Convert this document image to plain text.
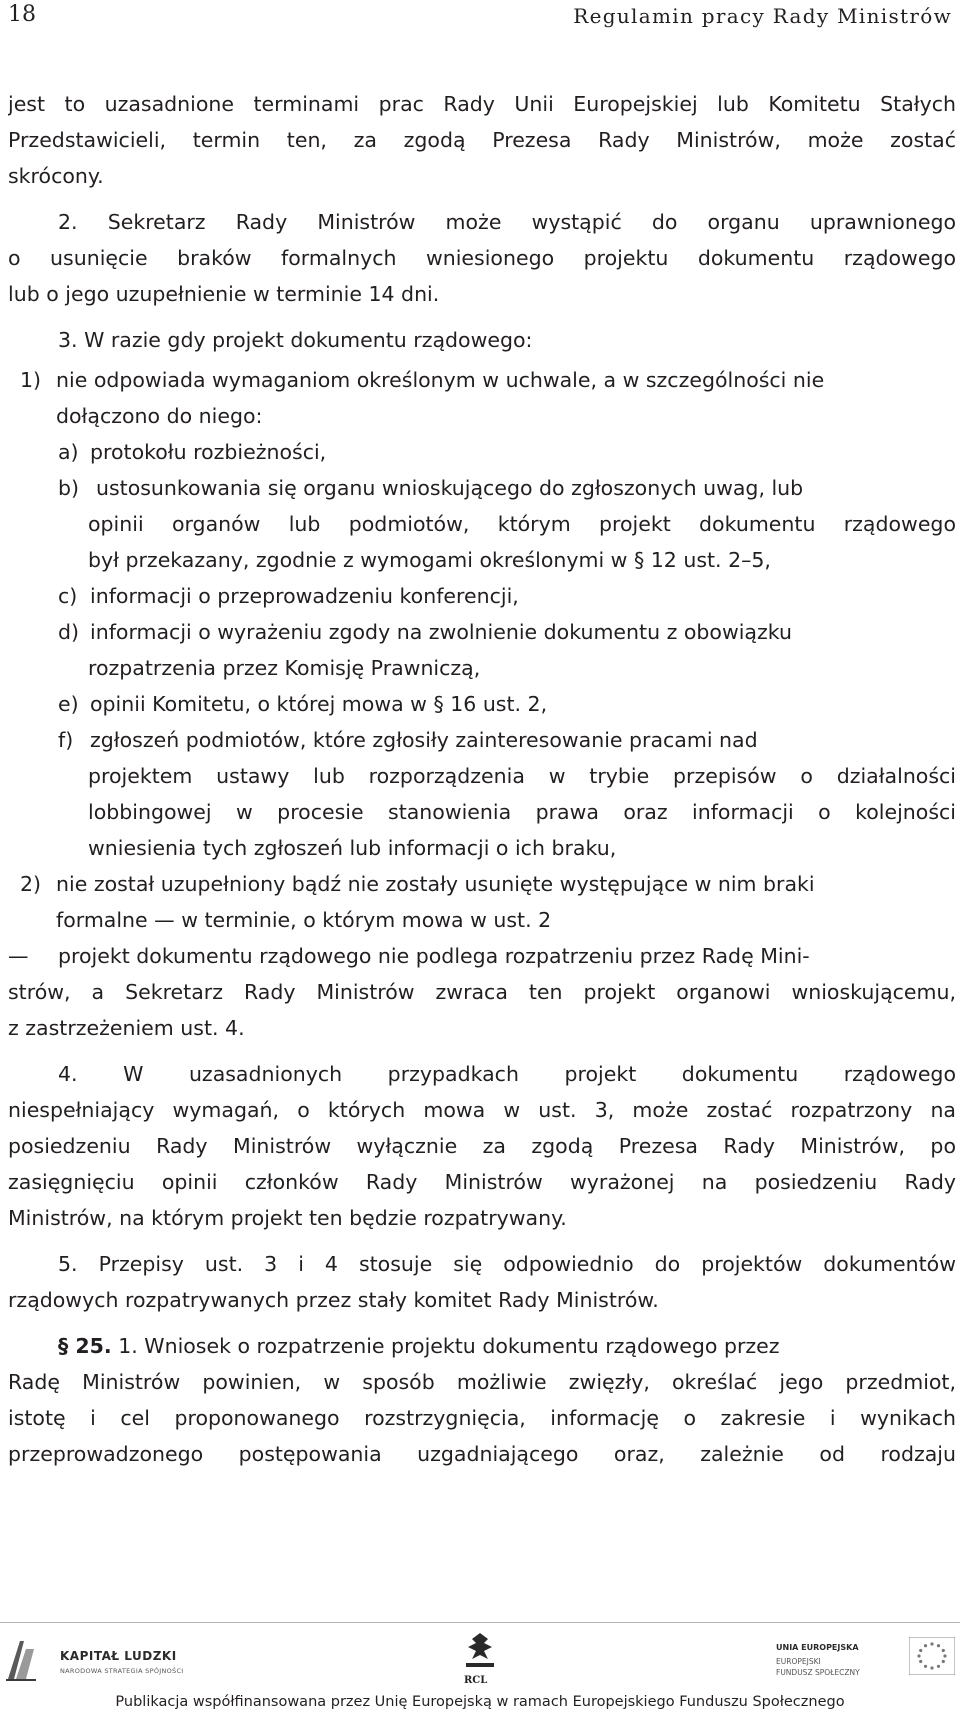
18	Regulamin pracy Rady Ministrów
jest to uzasadnione terminami prac Rady Unii Europejskiej lub Komitetu Stałych
Przedstawicieli, termin ten, za zgodą Prezesa Rady Ministrów, może zostać
skrócony.
2. Sekretarz Rady Ministrów może wystąpić do organu uprawnionego
o usunięcie braków formalnych wniesionego projektu dokumentu rządowego
lub o jego uzupełnienie w terminie 14 dni.
3. W razie gdy projekt dokumentu rządowego:
1) nie odpowiada wymaganiom określonym w uchwale, a w szczególności nie
dołączono do niego:
a) protokołu rozbieżności,
b) ustosunkowania się organu wnioskującego do zgłoszonych uwag, lub
opinii organów lub podmiotów, którym projekt dokumentu rządowego
był przekazany, zgodnie z wymogami określonymi w § 12 ust. 2–5,
c) informacji o przeprowadzeniu konferencji,
d) informacji o wyrażeniu zgody na zwolnienie dokumentu z obowiązku
rozpatrzenia przez Komisję Prawniczą,
e) opinii Komitetu, o której mowa w § 16 ust. 2,
f) zgłoszeń podmiotów, które zgłosiły zainteresowanie pracami nad
projektem ustawy lub rozporządzenia w trybie przepisów o działalności
lobbingowej w procesie stanowienia prawa oraz informacji o kolejności
wniesienia tych zgłoszeń lub informacji o ich braku,
2) nie został uzupełniony bądź nie zostały usunięte występujące w nim braki
formalne — w terminie, o którym mowa w ust. 2
— projekt dokumentu rządowego nie podlega rozpatrzeniu przez Radę Mini-
strów, a Sekretarz Rady Ministrów zwraca ten projekt organowi wnioskującemu,
z zastrzeżeniem ust. 4.
4. W uzasadnionych przypadkach projekt dokumentu rządowego
niespełniający wymagań, o których mowa w ust. 3, może zostać rozpatrzony na
posiedzeniu Rady Ministrów wyłącznie za zgodą Prezesa Rady Ministrów, po
zasięgnięciu opinii członków Rady Ministrów wyrażonej na posiedzeniu Rady
Ministrów, na którym projekt ten będzie rozpatrywany.
5. Przepisy ust. 3 i 4 stosuje się odpowiednio do projektów dokumentów
rządowych rozpatrywanych przez stały komitet Rady Ministrów.
§ 25. 1. Wniosek o rozpatrzenie projektu dokumentu rządowego przez
Radę Ministrów powinien, w sposób możliwie zwięzły, określać jego przedmiot,
istotę i cel proponowanego rozstrzygnięcia, informację o zakresie i wynikach
przeprowadzonego postępowania uzgadniającego oraz, zależnie od rodzaju
KAPITAŁ LUDZKI
NARODOWA STRATEGIA SPÓJNOŚCI
RCL
UNIA EUROPEJSKA
EUROPEJSKI
FUNDUSZ SPOŁECZNY
Publikacja współfinansowana przez Unię Europejską w ramach Europejskiego Funduszu Społecznego
